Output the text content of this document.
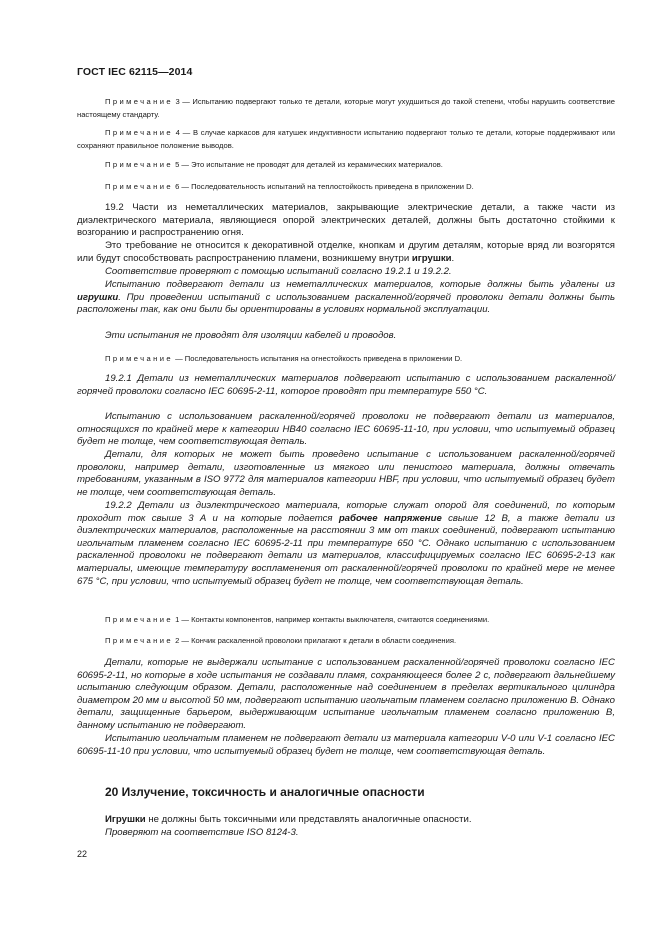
ГОСТ IEC 62115—2014
Примечание 3 — Испытанию подвергают только те детали, которые могут ухудшиться до такой степени, чтобы нарушить соответствие настоящему стандарту.
Примечание 4 — В случае каркасов для катушек индуктивности испытанию подвергают только те детали, которые поддерживают или сохраняют правильное положение выводов.
Примечание 5 — Это испытание не проводят для деталей из керамических материалов.
Примечание 6 — Последовательность испытаний на теплостойкость приведена в приложении D.
19.2 Части из неметаллических материалов, закрывающие электрические детали, а также части из диэлектрического материала, являющиеся опорой электрических деталей, должны быть достаточно стойкими к возгоранию и распространению огня.
Это требование не относится к декоративной отделке, кнопкам и другим деталям, которые вряд ли возгорятся или будут способствовать распространению пламени, возникшему внутри игрушки.
Соответствие проверяют с помощью испытаний согласно 19.2.1 и 19.2.2.
Испытанию подвергают детали из неметаллических материалов, которые должны быть удалены из игрушки. При проведении испытаний с использованием раскаленной/горячей проволоки детали должны быть расположены так, как они были бы ориентированы в условиях нормальной эксплуатации.
Эти испытания не проводят для изоляции кабелей и проводов.
Примечание — Последовательность испытания на огнестойкость приведена в приложении D.
19.2.1 Детали из неметаллических материалов подвергают испытанию с использованием раскаленной/горячей проволоки согласно IEC 60695-2-11, которое проводят при температуре 550 °С.
Испытанию с использованием раскаленной/горячей проволоки не подвергают детали из материалов, относящихся по крайней мере к категории HB40 согласно IEC 60695-11-10, при условии, что испытуемый образец будет не толще, чем соответствующая деталь.
Детали, для которых не может быть проведено испытание с использованием раскаленной/горячей проволоки, например детали, изготовленные из мягкого или пенистого материала, должны отвечать требованиям, указанным в ISO 9772 для материалов категории HBF, при условии, что испытуемый образец будет не толще, чем соответствующая деталь.
19.2.2 Детали из диэлектрического материала, которые служат опорой для соединений, по которым проходит ток свыше 3 А и на которые подается рабочее напряжение свыше 12 В, а также детали из диэлектрических материалов, расположенные на расстоянии 3 мм от таких соединений, подвергают испытанию игольчатым пламенем согласно IEC 60695-2-11 при температуре 650 °С. Однако испытанию с использованием раскаленной проволоки не подвергают детали из материалов, классифицируемых согласно IEC 60695-2-13 как материалы, имеющие температуру воспламенения от раскаленной/горячей проволоки по крайней мере не менее 675 °С, при условии, что испытуемый образец будет не толще, чем соответствующая деталь.
Примечание 1 — Контакты компонентов, например контакты выключателя, считаются соединениями.
Примечание 2 — Кончик раскаленной проволоки прилагают к детали в области соединения.
Детали, которые не выдержали испытание с использованием раскаленной/горячей проволоки согласно IEC 60695-2-11, но которые в ходе испытания не создавали пламя, сохраняющееся более 2 с, подвергают дальнейшему испытанию следующим образом. Детали, расположенные над соединением в пределах вертикального цилиндра диаметром 20 мм и высотой 50 мм, подвергают испытанию игольчатым пламенем согласно приложению B. Однако детали, защищенные барьером, выдерживающим испытание игольчатым пламенем согласно приложению B, данному испытанию не подвергают.
Испытанию игольчатым пламенем не подвергают детали из материала категории V-0 или V-1 согласно IEC 60695-11-10 при условии, что испытуемый образец будет не толще, чем соответствующая деталь.
20 Излучение, токсичность и аналогичные опасности
Игрушки не должны быть токсичными или представлять аналогичные опасности.
Проверяют на соответствие ISO 8124-3.
22
